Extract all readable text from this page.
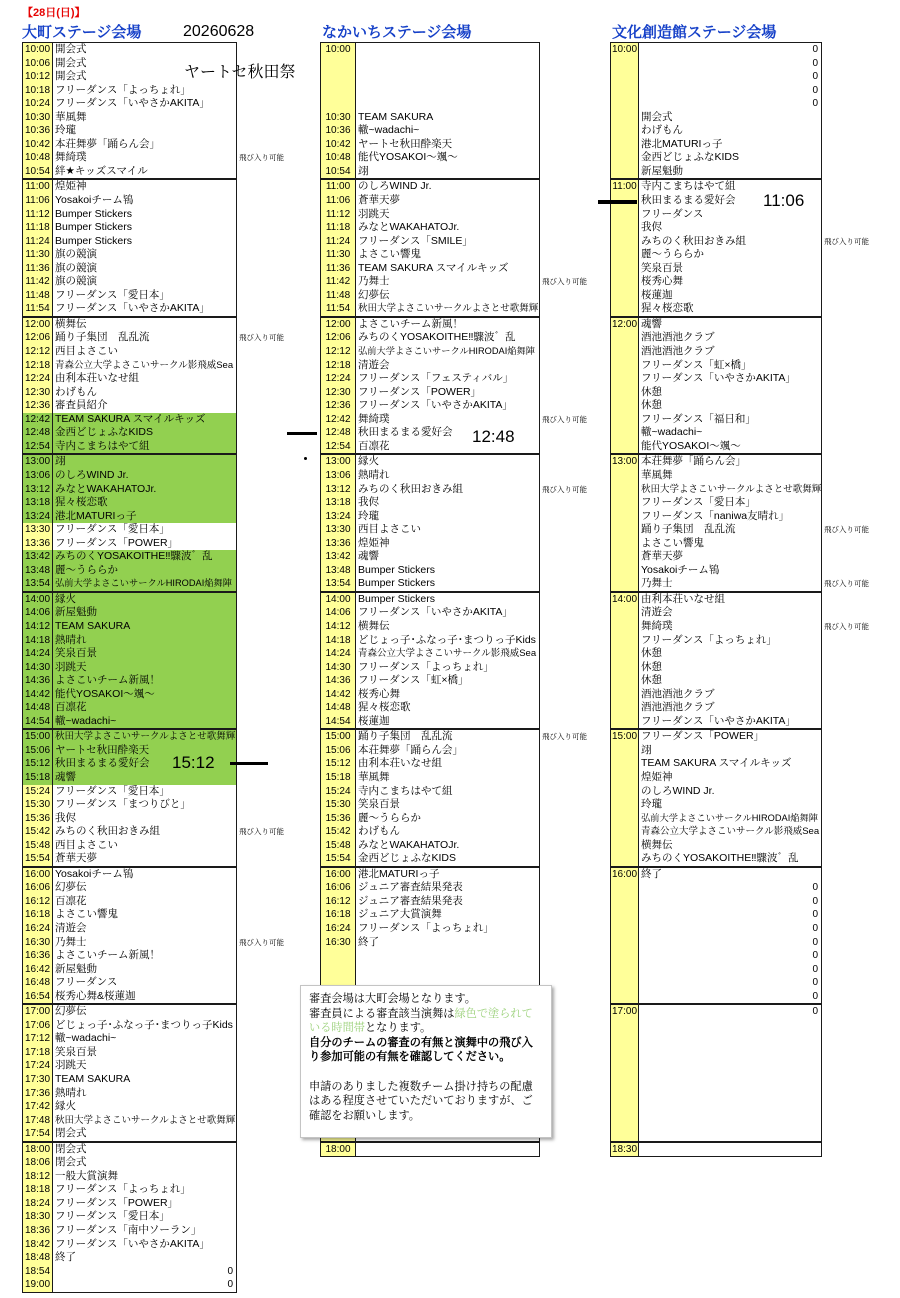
【28日(日)】
20260628
ヤートセ秋田祭
大町ステージ会場	なかいちステージ会場	文化創造館ステージ会場
10:00 開会式
10:06 開会式
10:12 開会式
10:18 フリーダンス「よっちょれ」
10:24 フリーダンス「いやさかAKITA」
10:30 華風舞
10:36 玲瓏
10:42 本荘舞夢「踊らん会」
10:48 舞綺璞	飛び入り可能
10:54 絆★キッズスマイル
11:00 煌姫神
11:06 Yosakoiチーム鴇
11:12 Bumper Stickers
11:18 Bumper Stickers
11:24 Bumper Stickers
11:30 旗の競演
11:36 旗の競演
11:42 旗の競演
11:48 フリーダンス「愛日本」
11:54 フリーダンス「いやさかAKITA」
12:00 横舞伝
12:06 踊り子集団　乱乱流	飛び入り可能
12:12 西目よさこい
12:18 青森公立大学よさこいサークル影飛威Sea
12:24 由利本荘いなせ組
12:30 わげもん
12:36 審査員紹介
12:42 TEAM SAKURA スマイルキッズ
12:48 金西どじょふなKIDS
12:54 寺内こまちはやて組
13:00 翊
13:06 のしろWIND Jr.
13:12 みなとWAKAHATOJr.
13:18 猩々桜恋歌
13:24 港北MATURIっ子
13:30 フリーダンス「愛日本」
13:36 フリーダンス「POWER」
13:42 みちのくYOSAKOITHE‼驟波゛乱
13:48 麗～うららか
13:54 弘前大学よさこいサークルHIRODAI焔舞陣
14:00 縁火
14:06 新屋魁動
14:12 TEAM SAKURA
14:18 熱晴れ
14:24 笑泉百景
14:30 羽跳天
14:36 よさこいチーム新風！
14:42 能代YOSAKOI～颯～
14:48 百凛花
14:54 轍~wadachi~
15:00 秋田大学よさこいサークルよさとせ歌舞輝
15:06 ヤートセ秋田酔楽天
15:12 秋田まるまる愛好会
15:18 魂響
15:24 フリーダンス「愛日本」
15:30 フリーダンス「まつりびと」
15:36 我侭
15:42 みちのく秋田おきみ組	飛び入り可能
15:48 西目よさこい
15:54 蒼華天夢
16:00 Yosakoiチーム鴇
16:06 幻夢伝
16:12 百凛花
16:18 よさこい響鬼
16:24 清遊会
16:30 乃舞士	飛び入り可能
16:36 よさこいチーム新風！
16:42 新屋魁動
16:48 フリーダンス
16:54 桜秀心舞&桜蓮迦
17:00 幻夢伝
17:06 どじょっ子･ふなっ子･まつりっ子Kids
17:12 轍~wadachi~
17:18 笑泉百景
17:24 羽跳天
17:30 TEAM SAKURA
17:36 熱晴れ
17:42 縁火
17:48 秋田大学よさこいサークルよさとせ歌舞輝
17:54 閉会式
18:00 閉会式
18:06 閉会式
18:12 一般大賞演舞
18:18 フリーダンス「よっちょれ」
18:24 フリーダンス「POWER」
18:30 フリーダンス「愛日本」
18:36 フリーダンス「南中ソーラン」
18:42 フリーダンス「いやさかAKITA」
18:48 終了
18:54	0
19:00	0
10:00
10:30 TEAM SAKURA
10:36 轍~wadachi~
10:42 ヤートセ秋田酔楽天
10:48 能代YOSAKOI～颯～
10:54 翊
11:00 のしろWIND Jr.
11:06 蒼華天夢
11:12 羽跳天
11:18 みなとWAKAHATOJr.
11:24 フリーダンス「SMILE」
11:30 よさこい響鬼
11:36 TEAM SAKURA スマイルキッズ
11:42 乃舞士	飛び入り可能
11:48 幻夢伝
11:54 秋田大学よさこいサークルよさとせ歌舞輝
12:00 よさこいチーム新風！
12:06 みちのくYOSAKOITHE‼驟波゛乱
12:12 弘前大学よさこいサークルHIRODAI焔舞陣
12:18 清遊会
12:24 フリーダンス「フェスティバル」
12:30 フリーダンス「POWER」
12:36 フリーダンス「いやさかAKITA」
12:42 舞綺璞	飛び入り可能
12:48 秋田まるまる愛好会
12:54 百凛花
13:00 縁火
13:06 熱晴れ
13:12 みちのく秋田おきみ組	飛び入り可能
13:18 我侭
13:24 玲瓏
13:30 西目よさこい
13:36 煌姫神
13:42 魂響
13:48 Bumper Stickers
13:54 Bumper Stickers
14:00 Bumper Stickers
14:06 フリーダンス「いやさかAKITA」
14:12 横舞伝
14:18 どじょっ子･ふなっ子･まつりっ子Kids
14:24 青森公立大学よさこいサークル影飛威Sea
14:30 フリーダンス「よっちょれ」
14:36 フリーダンス「虹×橋」
14:42 桜秀心舞
14:48 猩々桜恋歌
14:54 桜蓮迦
15:00 踊り子集団　乱乱流	飛び入り可能
15:06 本荘舞夢「踊らん会」
15:12 由利本荘いなせ組
15:18 華風舞
15:24 寺内こまちはやて組
15:30 笑泉百景
15:36 麗～うららか
15:42 わげもん
15:48 みなとWAKAHATOJr.
15:54 金西どじょふなKIDS
16:00 港北MATURIっ子
16:06 ジュニア審査結果発表
16:12 ジュニア審査結果発表
16:18 ジュニア大賞演舞
16:24 フリーダンス「よっちょれ」
16:30 終了
18:00
10:00	0
0
0
0
0
開会式
わげもん
港北MATURIっ子
金西どじょふなKIDS
新屋魁動
11:00 寺内こまちはやて組
秋田まるまる愛好会
フリーダンス
我侭
みちのく秋田おきみ組	飛び入り可能
麗～うららか
笑泉百景
桜秀心舞
桜蓮迦
猩々桜恋歌
12:00 魂響
酒池酒池クラブ
酒池酒池クラブ
フリーダンス「虹×橋」
フリーダンス「いやさかAKITA」
休憩
休憩
フリーダンス「福日和」
轍~wadachi~
能代YOSAKOI～颯～
13:00 本荘舞夢「踊らん会」
華風舞
秋田大学よさこいサークルよさとせ歌舞輝
フリーダンス「愛日本」
フリーダンス「naniwa友晴れ」
踊り子集団　乱乱流	飛び入り可能
よさこい響鬼
蒼華天夢
Yosakoiチーム鴇
乃舞士	飛び入り可能
14:00 由利本荘いなせ組
清遊会
舞綺璞	飛び入り可能
フリーダンス「よっちょれ」
休憩
休憩
休憩
酒池酒池クラブ
酒池酒池クラブ
フリーダンス「いやさかAKITA」
15:00 フリーダンス「POWER」
翊
TEAM SAKURA スマイルキッズ
煌姫神
のしろWIND Jr.
玲瓏
弘前大学よさこいサークルHIRODAI焔舞陣
青森公立大学よさこいサークル影飛威Sea
横舞伝
みちのくYOSAKOITHE‼驟波゛乱
16:00 終了
0
0
0
0
0
0
0
0
0
17:00	0
18:30
15:12
12:48
11:06
審査会場は大町会場となります。
審査員による審査該当演舞は緑色で塗られて
いる時間帯となります。
自分のチームの審査の有無と演舞中の飛び入
り参加可能の有無を確認してください。
申請のありました複数チーム掛け持ちの配慮
はある程度させていただいておりますが、ご
確認をお願いします。
